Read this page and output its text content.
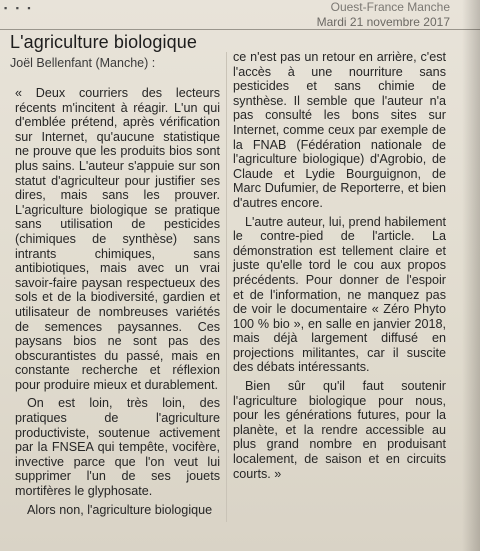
▪ ▪ ▪	Ouest-France Manche
Mardi 21 novembre 2017
L'agriculture biologique
Joël Bellenfant (Manche) :

« Deux courriers des lecteurs récents m'incitent à réagir. L'un qui d'emblée prétend, après vérification sur Internet, qu'aucune statistique ne prouve que les produits bios sont plus sains. L'auteur s'appuie sur son statut d'agriculteur pour justifier ses dires, mais sans les prouver. L'agriculture biologique se pratique sans utilisation de pesticides (chimiques de synthèse) sans intrants chimiques, sans antibiotiques, mais avec un vrai savoir-faire paysan respectueux des sols et de la biodiversité, gardien et utilisateur de nombreuses variétés de semences paysannes. Ces paysans bios ne sont pas des obscurantistes du passé, mais en constante recherche et réflexion pour produire mieux et durablement.

On est loin, très loin, des pratiques de l'agriculture productiviste, soutenue activement par la FNSEA qui tempête, vocifère, invective parce que l'on veut lui supprimer l'un de ses jouets mortifères le glyphosate.

Alors non, l'agriculture biologique

ce n'est pas un retour en arrière, c'est l'accès à une nourriture sans pesticides et sans chimie de synthèse. Il semble que l'auteur n'a pas consulté les bons sites sur Internet, comme ceux par exemple de la FNAB (Fédération nationale de l'agriculture biologique) d'Agrobio, de Claude et Lydie Bourguignon, de Marc Dufumier, de Reporterre, et bien d'autres encore.

L'autre auteur, lui, prend habilement le contre-pied de l'article. La démonstration est tellement claire et juste qu'elle tord le cou aux propos précédents. Pour donner de l'espoir et de l'information, ne manquez pas de voir le documentaire « Zéro Phyto 100 % bio », en salle en janvier 2018, mais déjà largement diffusé en projections militantes, car il suscite des débats intéressants.

Bien sûr qu'il faut soutenir l'agriculture biologique pour nous, pour les générations futures, pour la planète, et la rendre accessible au plus grand nombre en produisant localement, de saison et en circuits courts. »
